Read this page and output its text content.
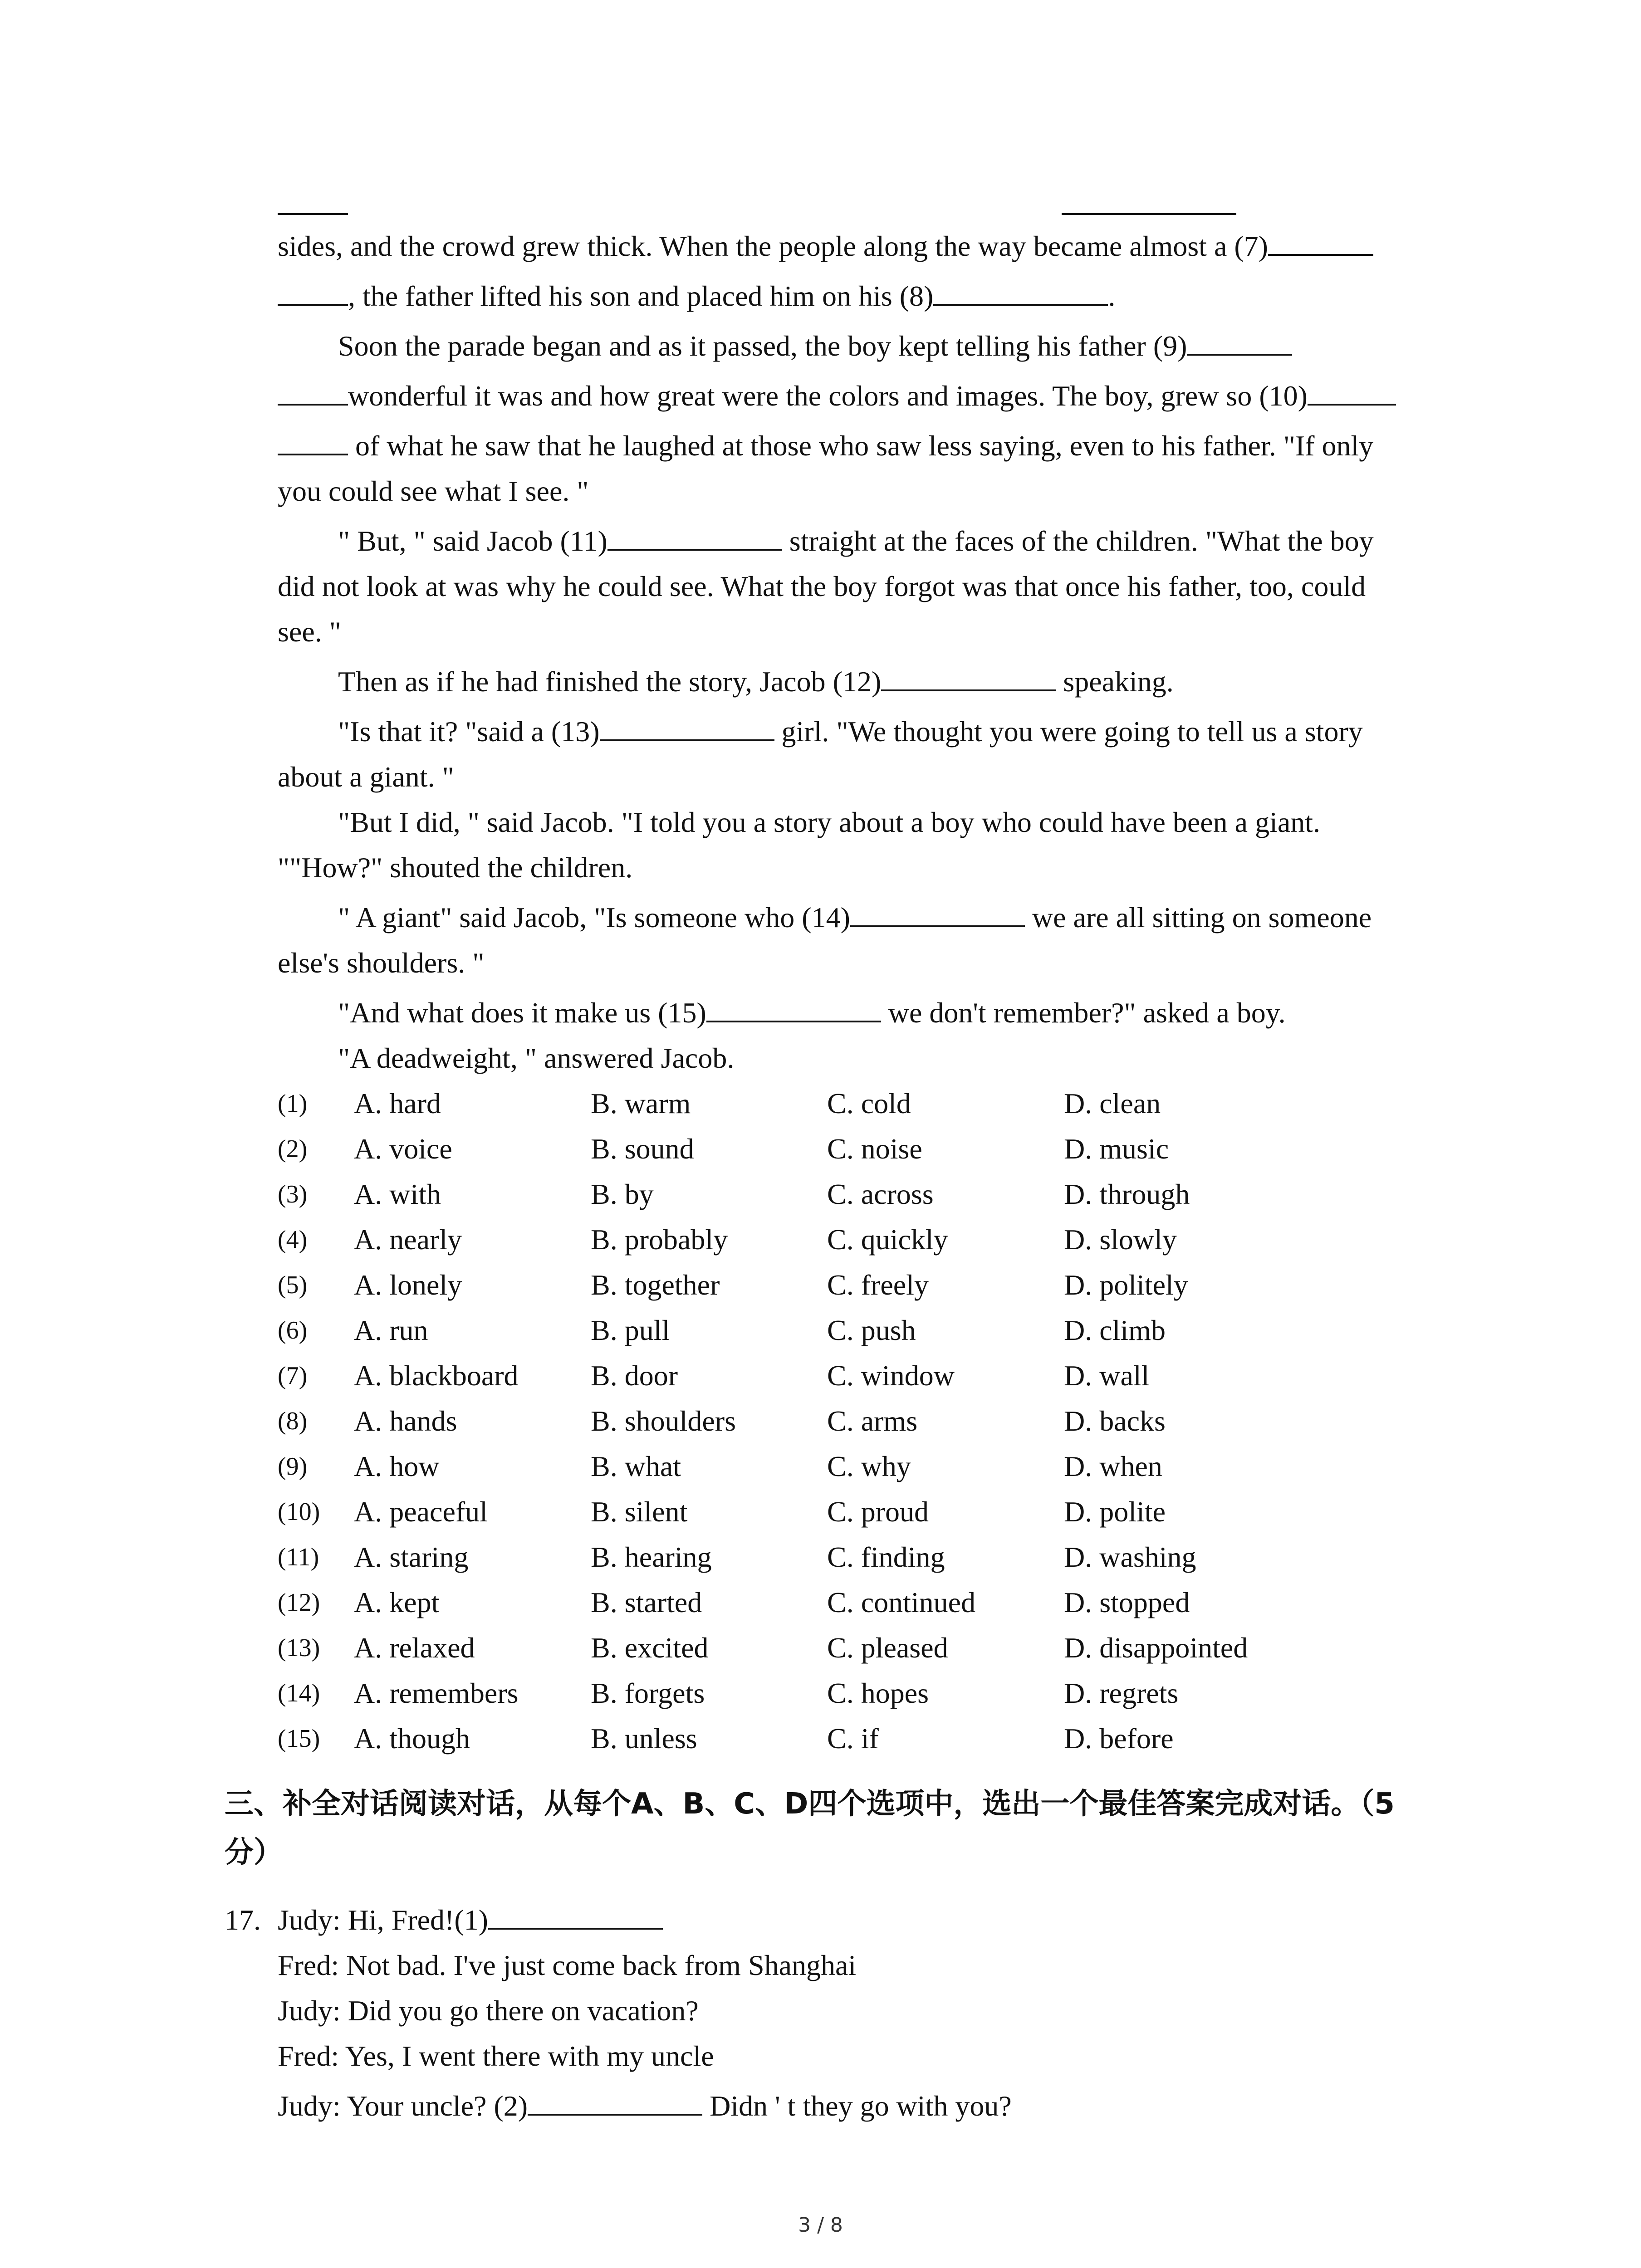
sides, and the crowd grew thick. When the people along the way became almost a (7)
, the father lifted his son and placed him on his (8)	.
Soon the parade began and as it passed, the boy kept telling his father (9)
wonderful it was and how great were the colors and images. The boy, grew so (10)
of what he saw that he laughed at those who saw less saying, even to his father. "If only
you could see what I see. "
" But, " said Jacob (11)	straight at the faces of the children. "What the boy
did not look at was why he could see. What the boy forgot was that once his father, too, could
see. "
Then as if he had finished the story, Jacob (12)	speaking.
"Is that it? "said a (13)	girl. "We thought you were going to tell us a story
about a giant. "
"But I did, " said Jacob. "I told you a story about a boy who could have been a giant.
""How?" shouted the children.
" A giant" said Jacob, "Is someone who (14)	we are all sitting on someone
else's shoulders. "
"And what does it make us (15)	we don't remember?" asked a boy.
"A deadweight, " answered Jacob.
(1) A. hard	B. warm	C. cold	D. clean
(2) A. voice	B. sound	C. noise	D. music
(3) A. with	B. by	C. across	D. through
(4) A. nearly	B. probably	C. quickly	D. slowly
(5) A. lonely	B. together	C. freely	D. politely
(6) A. run	B. pull	C. push	D. climb
(7) A. blackboard B. door	C. window	D. wall
(8) A. hands	B. shoulders	C. arms	D. backs
(9) A. how	B. what	C. why	D. when
(10) A. peaceful	B. silent	C. proud	D. polite
(11) A. staring	B. hearing	C. finding	D. washing
(12) A. kept	B. started	C. continued	D. stopped
(13) A. relaxed	B. excited	C. pleased	D. disappointed
(14) A. remembers B. forgets	C. hopes	D. regrets
(15) A. though	B. unless	C. if	D. before
三、补全对话阅读对话，从每个A、B、C、D四个选项中，选出一个最佳答案完成对话。（5
分）
17. Judy: Hi, Fred!(1)
Fred: Not bad. I've just come back from Shanghai
Judy: Did you go there on vacation?
Fred: Yes, I went there with my uncle
Judy: Your uncle? (2)	Didn ' t they go with you?
3 / 8
